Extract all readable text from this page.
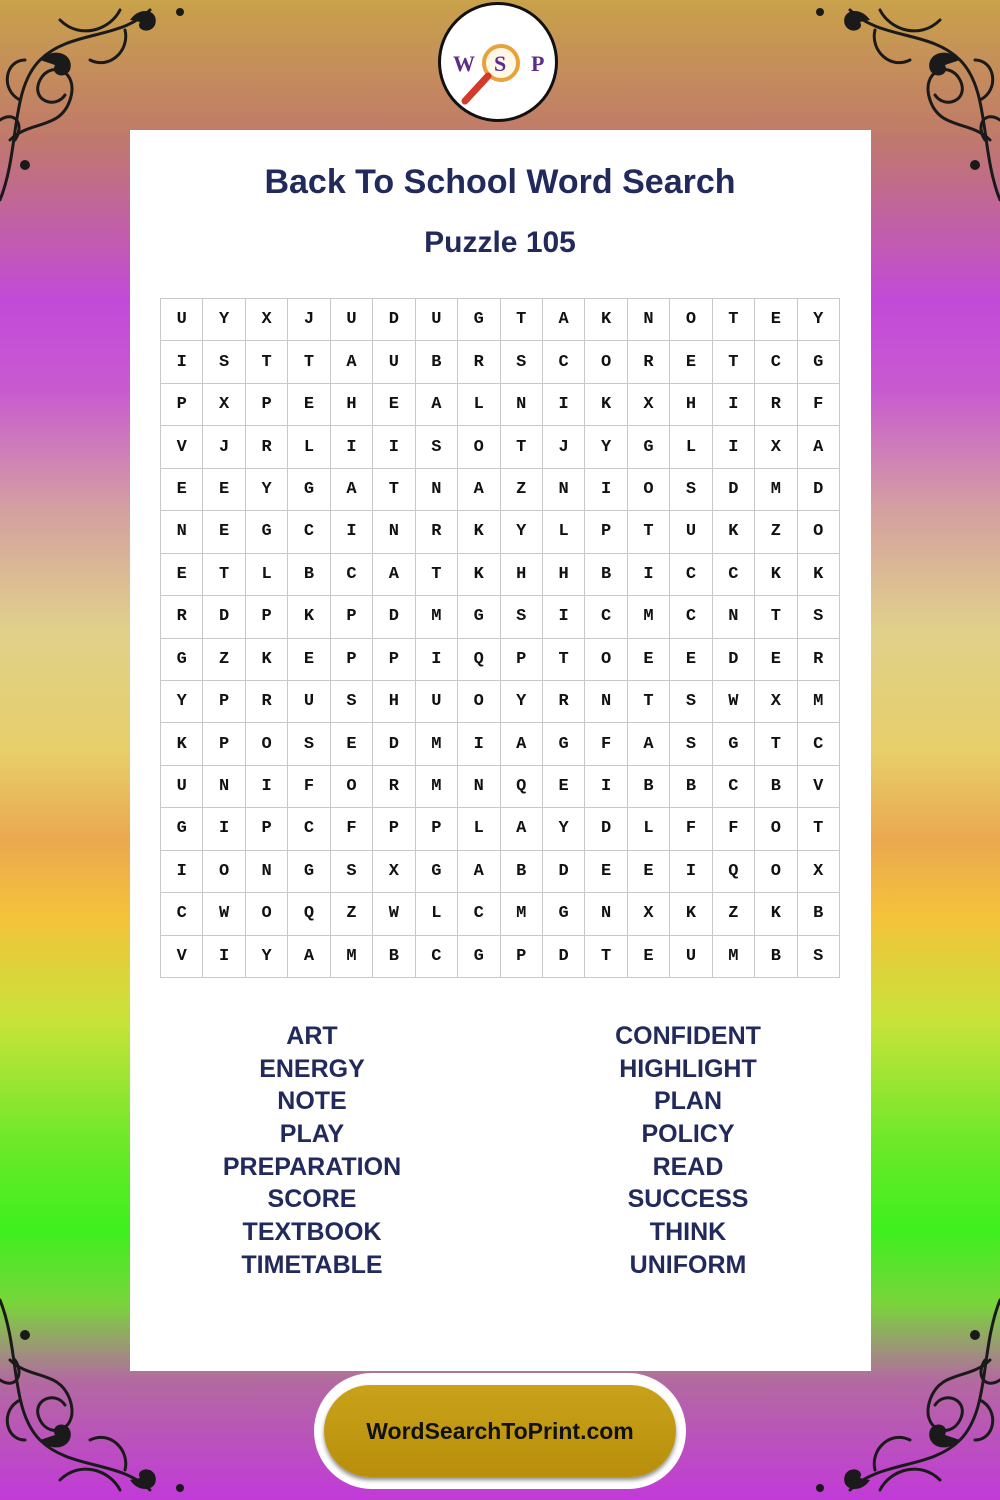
W S P
Back To School Word Search
Puzzle 105
U	Y	X	J	U	D	U	G	T	A	K	N	O	T	E	Y
I	S	T	T	A	U	B	R	S	C	O	R	E	T	C	G
P	X	P	E	H	E	A	L	N	I	K	X	H	I	R	F
V	J	R	L	I	I	S	O	T	J	Y	G	L	I	X	A
E	E	Y	G	A	T	N	A	Z	N	I	O	S	D	M	D
N	E	G	C	I	N	R	K	Y	L	P	T	U	K	Z	O
E	T	L	B	C	A	T	K	H	H	B	I	C	C	K	K
R	D	P	K	P	D	M	G	S	I	C	M	C	N	T	S
G	Z	K	E	P	P	I	Q	P	T	O	E	E	D	E	R
Y	P	R	U	S	H	U	O	Y	R	N	T	S	W	X	M
K	P	O	S	E	D	M	I	A	G	F	A	S	G	T	C
U	N	I	F	O	R	M	N	Q	E	I	B	B	C	B	V
G	I	P	C	F	P	P	L	A	Y	D	L	F	F	O	T
I	O	N	G	S	X	G	A	B	D	E	E	I	Q	O	X
C	W	O	Q	Z	W	L	C	M	G	N	X	K	Z	K	B
V	I	Y	A	M	B	C	G	P	D	T	E	U	M	B	S
ART
ENERGY
NOTE
PLAY
PREPARATION
SCORE
TEXTBOOK
TIMETABLE
CONFIDENT
HIGHLIGHT
PLAN
POLICY
READ
SUCCESS
THINK
UNIFORM
WordSearchToPrint.com
